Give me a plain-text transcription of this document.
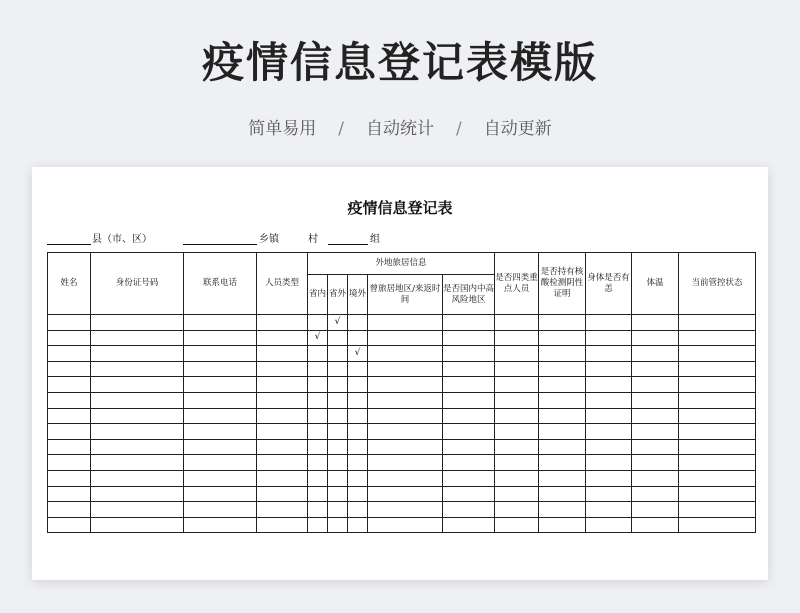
疫情信息登记表模版
简单易用 / 自动统计 / 自动更新
疫情信息登记表
县（市、区）	乡镇	村	组
姓名	身份证号码	联系电话	人员类型	外地旅居信息					是否四类重点人员	是否持有核酸检测阴性证明	身体是否有恙	体温	当前管控状态
				省内	省外	境外	曾旅居地区/来返时间	是否国内中高风险地区					
					√								
				√									
						√							
